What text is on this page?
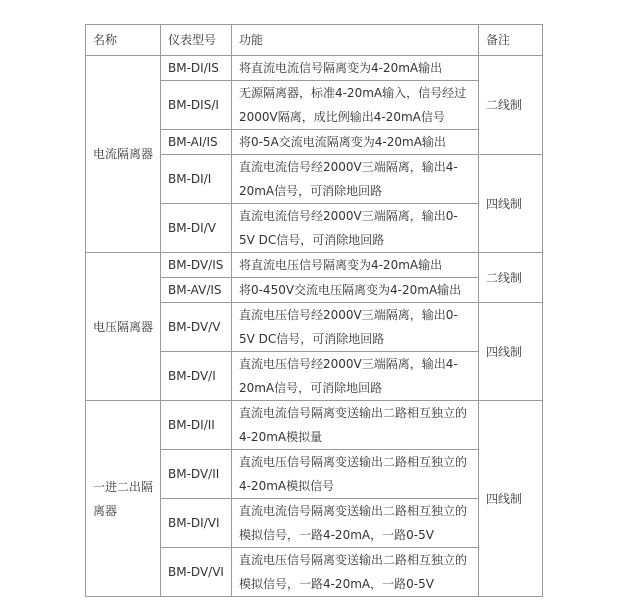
名称	仪表型号	功能	备注
电流隔离器	BM-DI/IS	将直流电流信号隔离变为4-20mA输出	二线制
	BM-DIS/I	无源隔离器，标准4-20mA输入，信号经过2000V隔离，成比例输出4-20mA信号	
	BM-AI/IS	将0-5A交流电流隔离变为4-20mA输出	
	BM-DI/I	直流电流信号经2000V三端隔离，输出4-20mA信号，可消除地回路	四线制
	BM-DI/V	直流电流信号经2000V三端隔离，输出0-5V DC信号，可消除地回路	
电压隔离器	BM-DV/IS	将直流电压信号隔离变为4-20mA输出	二线制
	BM-AV/IS	将0-450V交流电压隔离变为4-20mA输出	
	BM-DV/V	直流电压信号经2000V三端隔离，输出0-5V DC信号，可消除地回路	四线制
	BM-DV/I	直流电压信号经2000V三端隔离，输出4-20mA信号，可消除地回路	
一进二出隔离器	BM-DI/II	直流电流信号隔离变送输出二路相互独立的4-20mA模拟量	四线制
	BM-DV/II	直流电压信号隔离变送输出二路相互独立的4-20mA模拟信号	
	BM-DI/VI	直流电流信号隔离变送输出二路相互独立的模拟信号，一路4-20mA，一路0-5V	
	BM-DV/VI	直流电压信号隔离变送输出二路相互独立的模拟信号，一路4-20mA，一路0-5V	
